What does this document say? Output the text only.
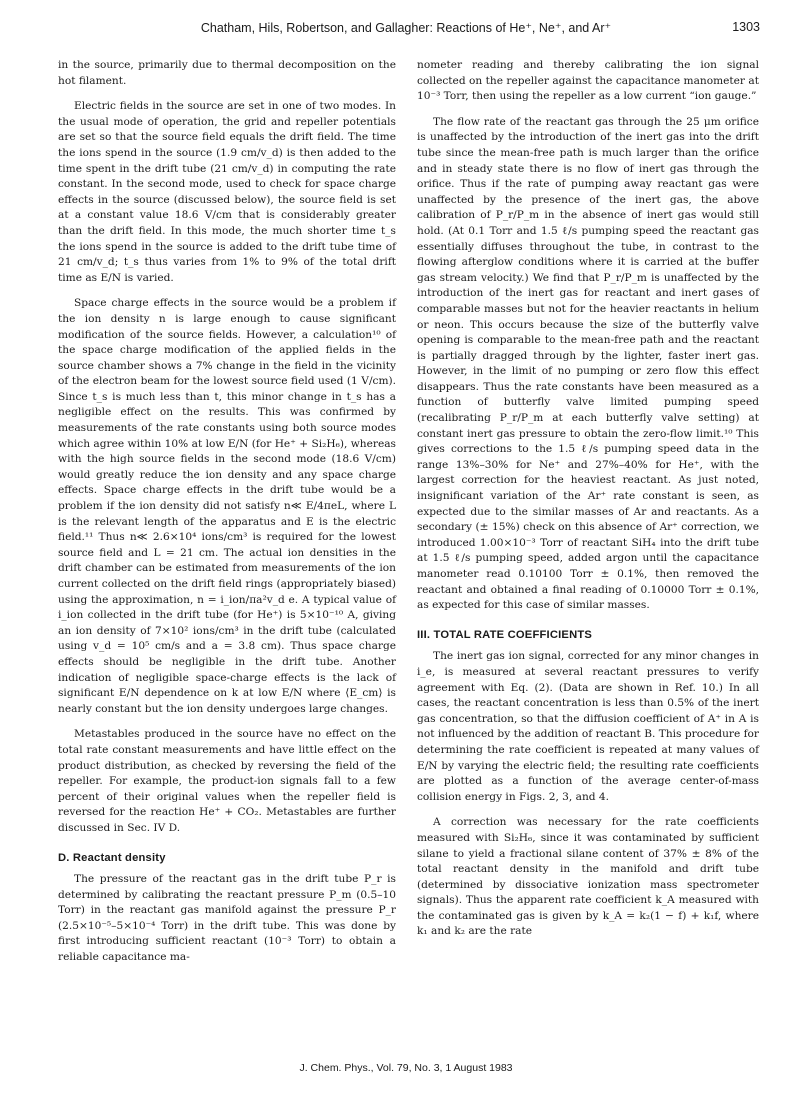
Chatham, Hils, Robertson, and Gallagher: Reactions of He⁺, Ne⁺, and Ar⁺	1303

in the source, primarily due to thermal decomposition on the hot filament.

Electric fields in the source are set in one of two modes. In the usual mode of operation, the grid and repeller potentials are set so that the source field equals the drift field. The time the ions spend in the source (1.9 cm/v_d) is then added to the time spent in the drift tube (21 cm/v_d) in computing the rate constant. In the second mode, used to check for space charge effects in the source (discussed below), the source field is set at a constant value 18.6 V/cm that is considerably greater than the drift field. In this mode, the much shorter time t_s the ions spend in the source is added to the drift tube time of 21 cm/v_d; t_s thus varies from 1% to 9% of the total drift time as E/N is varied.

Space charge effects in the source would be a problem if the ion density n is large enough to cause significant modification of the source fields. However, a calculation¹⁰ of the space charge modification of the applied fields in the source chamber shows a 7% change in the field in the vicinity of the electron beam for the lowest source field used (1 V/cm). Since t_s is much less than t, this minor change in t_s has a negligible effect on the results. This was confirmed by measurements of the rate constants using both source modes which agree within 10% at low E/N (for He⁺ + Si₂H₆), whereas with the high source fields in the second mode (18.6 V/cm) would greatly reduce the ion density and any space charge effects. Space charge effects in the drift tube would be a problem if the ion density did not satisfy n≪ E/4πeL, where L is the relevant length of the apparatus and E is the electric field.¹¹ Thus n≪ 2.6×10⁴ ions/cm³ is required for the lowest source field and L = 21 cm. The actual ion densities in the drift chamber can be estimated from measurements of the ion current collected on the drift field rings (appropriately biased) using the approximation, n = i_ion/πa²v_d e. A typical value of i_ion collected in the drift tube (for He⁺) is 5×10⁻¹⁰ A, giving an ion density of 7×10² ions/cm³ in the drift tube (calculated using v_d = 10⁵ cm/s and a = 3.8 cm). Thus space charge effects should be negligible in the drift tube. Another indication of negligible space-charge effects is the lack of significant E/N dependence on k at low E/N where ⟨E_cm⟩ is nearly constant but the ion density undergoes large changes.

Metastables produced in the source have no effect on the total rate constant measurements and have little effect on the product distribution, as checked by reversing the field of the repeller. For example, the product-ion signals fall to a few percent of their original values when the repeller field is reversed for the reaction He⁺ + CO₂. Metastables are further discussed in Sec. IV D.

D. Reactant density

The pressure of the reactant gas in the drift tube P_r is determined by calibrating the reactant pressure P_m (0.5–10 Torr) in the reactant gas manifold against the pressure P_r (2.5×10⁻⁵–5×10⁻⁴ Torr) in the drift tube. This was done by first introducing sufficient reactant (10⁻³ Torr) to obtain a reliable capacitance ma-

nometer reading and thereby calibrating the ion signal collected on the repeller against the capacitance manometer at 10⁻³ Torr, then using the repeller as a low current “ion gauge.”

The flow rate of the reactant gas through the 25 μm orifice is unaffected by the introduction of the inert gas into the drift tube since the mean-free path is much larger than the orifice and in steady state there is no flow of inert gas through the orifice. Thus if the rate of pumping away reactant gas were unaffected by the presence of the inert gas, the above calibration of P_r/P_m in the absence of inert gas would still hold. (At 0.1 Torr and 1.5 ℓ/s pumping speed the reactant gas essentially diffuses throughout the tube, in contrast to the flowing afterglow conditions where it is carried at the buffer gas stream velocity.) We find that P_r/P_m is unaffected by the introduction of the inert gas for reactant and inert gases of comparable masses but not for the heavier reactants in helium or neon. This occurs because the size of the butterfly valve opening is comparable to the mean-free path and the reactant is partially dragged through by the lighter, faster inert gas. However, in the limit of no pumping or zero flow this effect disappears. Thus the rate constants have been measured as a function of butterfly valve limited pumping speed (recalibrating P_r/P_m at each butterfly valve setting) at constant inert gas pressure to obtain the zero-flow limit.¹⁰ This gives corrections to the 1.5 ℓ/s pumping speed data in the range 13%–30% for Ne⁺ and 27%–40% for He⁺, with the largest correction for the heaviest reactant. As just noted, insignificant variation of the Ar⁺ rate constant is seen, as expected due to the similar masses of Ar and reactants. As a secondary (± 15%) check on this absence of Ar⁺ correction, we introduced 1.00×10⁻³ Torr of reactant SiH₄ into the drift tube at 1.5 ℓ/s pumping speed, added argon until the capacitance manometer read 0.10100 Torr ± 0.1%, then removed the reactant and obtained a final reading of 0.10000 Torr ± 0.1%, as expected for this case of similar masses.

III. TOTAL RATE COEFFICIENTS

The inert gas ion signal, corrected for any minor changes in i_e, is measured at several reactant pressures to verify agreement with Eq. (2). (Data are shown in Ref. 10.) In all cases, the reactant concentration is less than 0.5% of the inert gas concentration, so that the diffusion coefficient of A⁺ in A is not influenced by the addition of reactant B. This procedure for determining the rate coefficient is repeated at many values of E/N by varying the electric field; the resulting rate coefficients are plotted as a function of the average center-of-mass collision energy in Figs. 2, 3, and 4.

A correction was necessary for the rate coefficients measured with Si₂H₆, since it was contaminated by sufficient silane to yield a fractional silane content of 37% ± 8% of the total reactant density in the manifold and drift tube (determined by dissociative ionization mass spectrometer signals). Thus the apparent rate coefficient k_A measured with the contaminated gas is given by k_A = k₂(1 − f) + k₁f, where k₁ and k₂ are the rate

J. Chem. Phys., Vol. 79, No. 3, 1 August 1983
